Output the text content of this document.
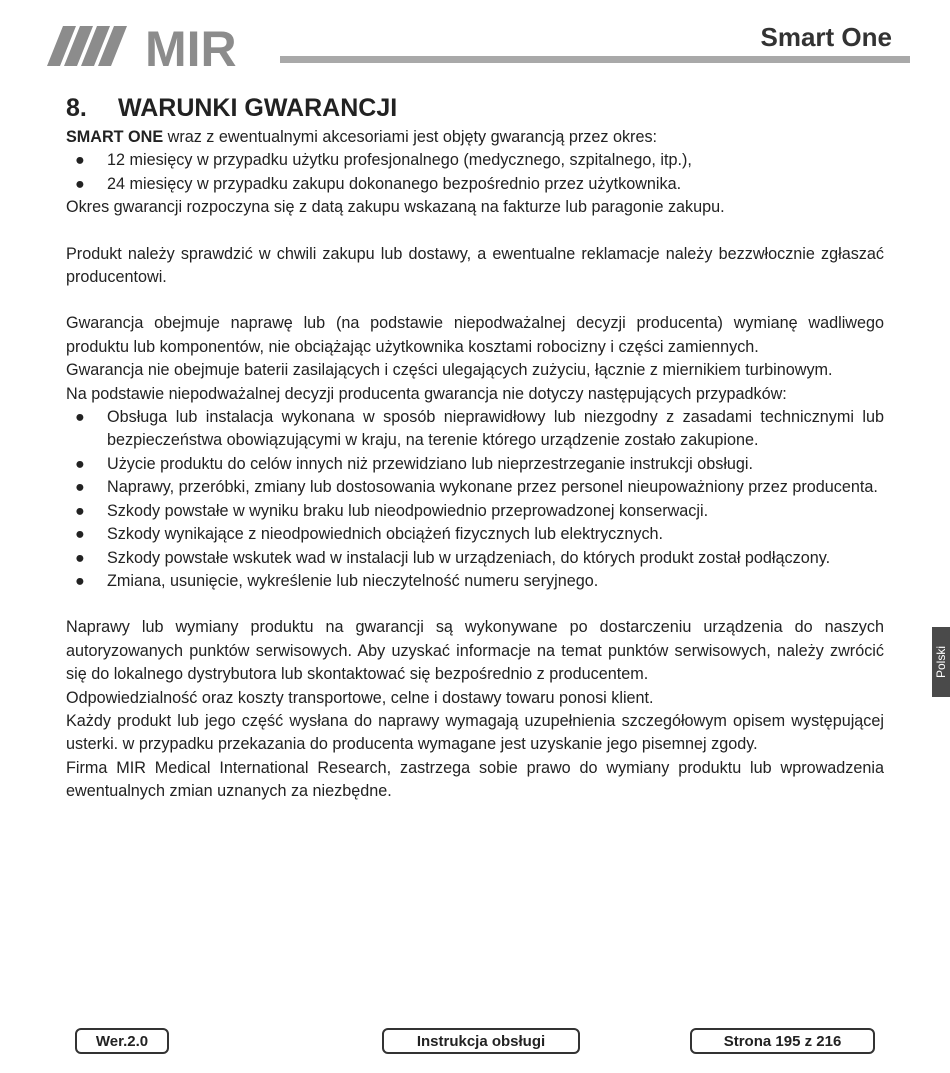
MIR	Smart One
8. WARUNKI GWARANCJI

SMART ONE wraz z ewentualnymi akcesoriami jest objęty gwarancją przez okres:

● 12 miesięcy w przypadku użytku profesjonalnego (medycznego, szpitalnego, itp.),
● 24 miesięcy w przypadku zakupu dokonanego bezpośrednio przez użytkownika.

Okres gwarancji rozpoczyna się z datą zakupu wskazaną na fakturze lub paragonie zakupu.

Produkt należy sprawdzić w chwili zakupu lub dostawy, a ewentualne reklamacje należy bezzwłocznie zgłaszać producentowi.

Gwarancja obejmuje naprawę lub (na podstawie niepodważalnej decyzji producenta) wymianę wadliwego produktu lub komponentów, nie obciążając użytkownika kosztami robocizny i części zamiennych.

Gwarancja nie obejmuje baterii zasilających i części ulegających zużyciu, łącznie z miernikiem turbinowym.

Na podstawie niepodważalnej decyzji producenta gwarancja nie dotyczy następujących przypadków:

● Obsługa lub instalacja wykonana w sposób nieprawidłowy lub niezgodny z zasadami technicznymi lub bezpieczeństwa obowiązującymi w kraju, na terenie którego urządzenie zostało zakupione.
● Użycie produktu do celów innych niż przewidziano lub nieprzestrzeganie instrukcji obsługi.
● Naprawy, przeróbki, zmiany lub dostosowania wykonane przez personel nieupoważniony przez producenta.
● Szkody powstałe w wyniku braku lub nieodpowiednio przeprowadzonej konserwacji.
● Szkody wynikające z nieodpowiednich obciążeń fizycznych lub elektrycznych.
● Szkody powstałe wskutek wad w instalacji lub w urządzeniach, do których produkt został podłączony.
● Zmiana, usunięcie, wykreślenie lub nieczytelność numeru seryjnego.

Naprawy lub wymiany produktu na gwarancji są wykonywane po dostarczeniu urządzenia do naszych autoryzowanych punktów serwisowych. Aby uzyskać informacje na temat punktów serwisowych, należy zwrócić się do lokalnego dystrybutora lub skontaktować się bezpośrednio z producentem.

Odpowiedzialność oraz koszty transportowe, celne i dostawy towaru ponosi klient.

Każdy produkt lub jego część wysłana do naprawy wymagają uzupełnienia szczegółowym opisem występującej usterki. w przypadku przekazania do producenta wymagane jest uzyskanie jego pisemnej zgody.

Firma MIR Medical International Research, zastrzega sobie prawo do wymiany produktu lub wprowadzenia ewentualnych zmian uznanych za niezbędne.

Polski
Wer.2.0	Instrukcja obsługi	Strona 195 z 216
